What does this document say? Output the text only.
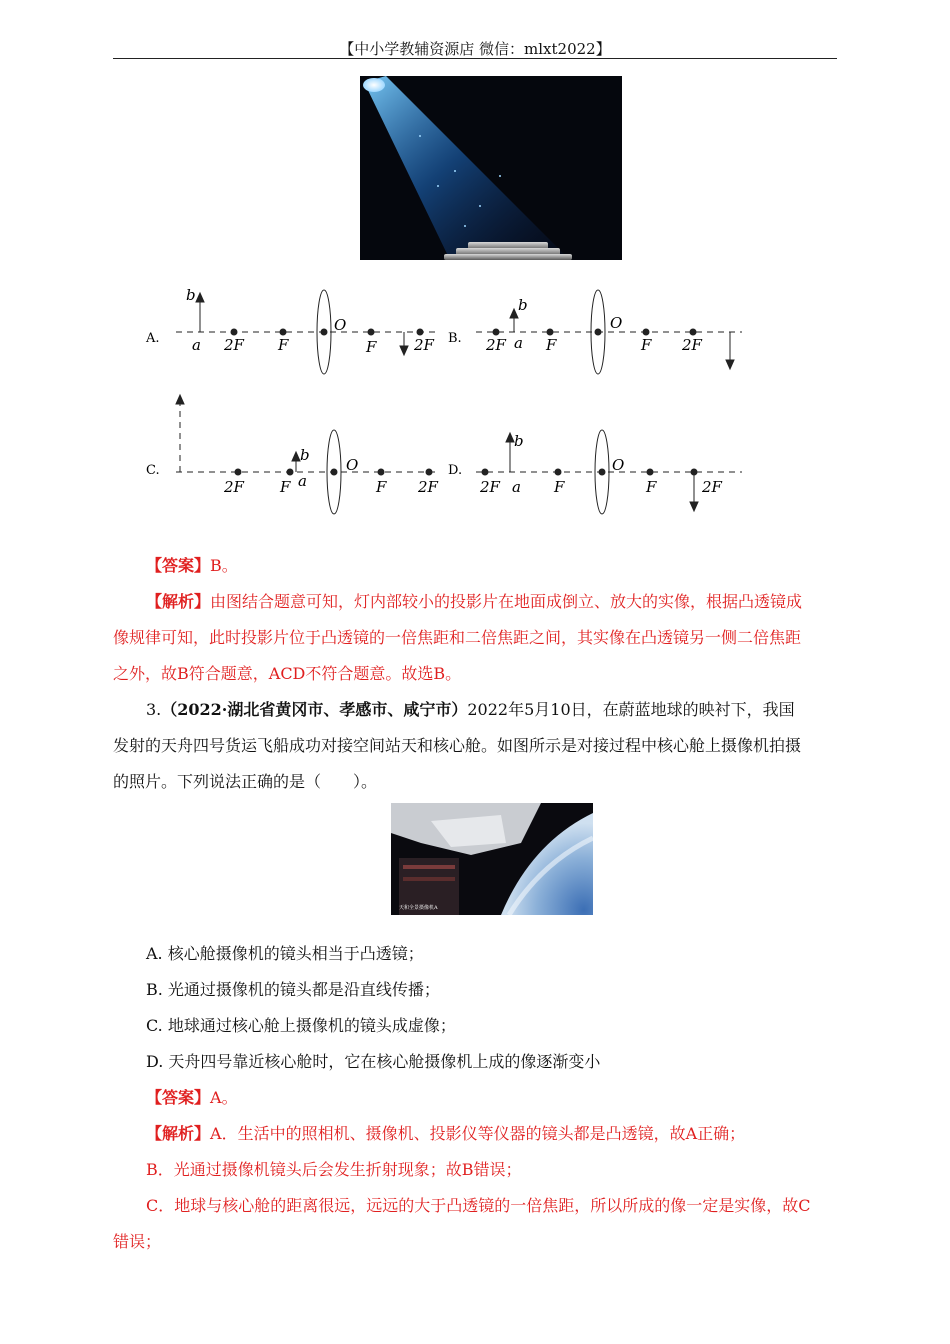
【中小学教辅资源店 微信：mlxt2022】
A.
b
a 2F F
O
F	2F B. 2F
b
a F
O
F 2F
C.
b
a
2F F
O
F 2F
D.
2F
b
a F
O
F	2F
【答案】B。
【解析】由图结合题意可知，灯内部较小的投影片在地面成倒立、放大的实像，根据凸透镜成
像规律可知，此时投影片位于凸透镜的一倍焦距和二倍焦距之间，其实像在凸透镜另一侧二倍焦距
之外，故B符合题意，ACD不符合题意。故选B。
3.（2022·湖北省黄冈市、孝感市、咸宁市）2022年5月10日，在蔚蓝地球的映衬下，我国
发射的天舟四号货运飞船成功对接空间站天和核心舱。如图所示是对接过程中核心舱上摄像机拍摄
的照片。下列说法正确的是（　　）。
天和全景摄像机A
A. 核心舱摄像机的镜头相当于凸透镜；
B. 光通过摄像机的镜头都是沿直线传播；
C. 地球通过核心舱上摄像机的镜头成虚像；
D. 天舟四号靠近核心舱时，它在核心舱摄像机上成的像逐渐变小
【答案】A。
【解析】A．生活中的照相机、摄像机、投影仪等仪器的镜头都是凸透镜，故A正确；
B．光通过摄像机镜头后会发生折射现象；故B错误；
C．地球与核心舱的距离很远，远远的大于凸透镜的一倍焦距，所以所成的像一定是实像，故C
错误；
